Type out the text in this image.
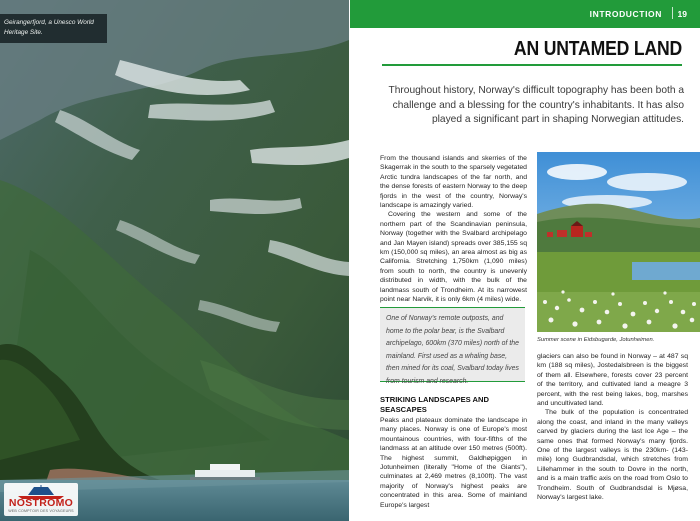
Geirangerfjord, a Unesco World Heritage Site.
NOSTROMO
WEB COMPTOIR DES VOYAGEURS
INTRODUCTION 19
AN UNTAMED LAND
Throughout history, Norway's difficult topography has been both a challenge and a blessing for the country's inhabitants. It has also played a significant part in shaping Norwegian attitudes.

From the thousand islands and skerries of the Skagerrak in the south to the sparsely vegetated Arctic tundra landscapes of the far north, and the dense forests of eastern Norway to the deep fjords in the west of the country, Norway's landscape is amazingly varied.

Covering the western and some of the northern part of the Scandinavian peninsula, Norway (together with the Svalbard archipelago and Jan Mayen island) spreads over 385,155 sq km (150,000 sq miles), an area almost as big as California. Stretching 1,750km (1,090 miles) from south to north, the country is unevenly distributed in width, with the bulk of the landmass south of Trondheim. At its narrowest point near Narvik, it is only 6km (4 miles) wide.

One of Norway's remote outposts, and home to the polar bear, is the Svalbard archipelago, 600km (370 miles) north of the mainland. First used as a whaling base, then mined for its coal, Svalbard today lives from tourism and research.
STRIKING LANDSCAPES AND SEASCAPES

Peaks and plateaux dominate the landscape in many places. Norway is one of Europe's most mountainous countries, with four-fifths of the landmass at an altitude over 150 metres (500ft). The highest summit, Galdhøpiggen in Jotunheimen (literally "Home of the Giants"), culminates at 2,469 metres (8,100ft). The vast majority of Norway's highest peaks are concentrated in this area. Some of mainland Europe's largest

Summer scene in Eidsbugarde, Jotunheimen.

glaciers can also be found in Norway – at 487 sq km (188 sq miles), Jostedalsbreen is the biggest of them all. Elsewhere, forests cover 23 percent of the territory, and cultivated land a meagre 3 percent, with the rest being lakes, bog, marshes and uncultivated land.

The bulk of the population is concentrated along the coast, and inland in the many valleys carved by glaciers during the last Ice Age – the same ones that formed Norway's many fjords. One of the largest valleys is the 230km- (143-mile) long Gudbrandsdal, which stretches from Lillehammer in the south to Dovre in the north, and is a main traffic axis on the road from Oslo to Trondheim. South of Gudbrandsdal is Mjøsa, Norway's largest lake.
